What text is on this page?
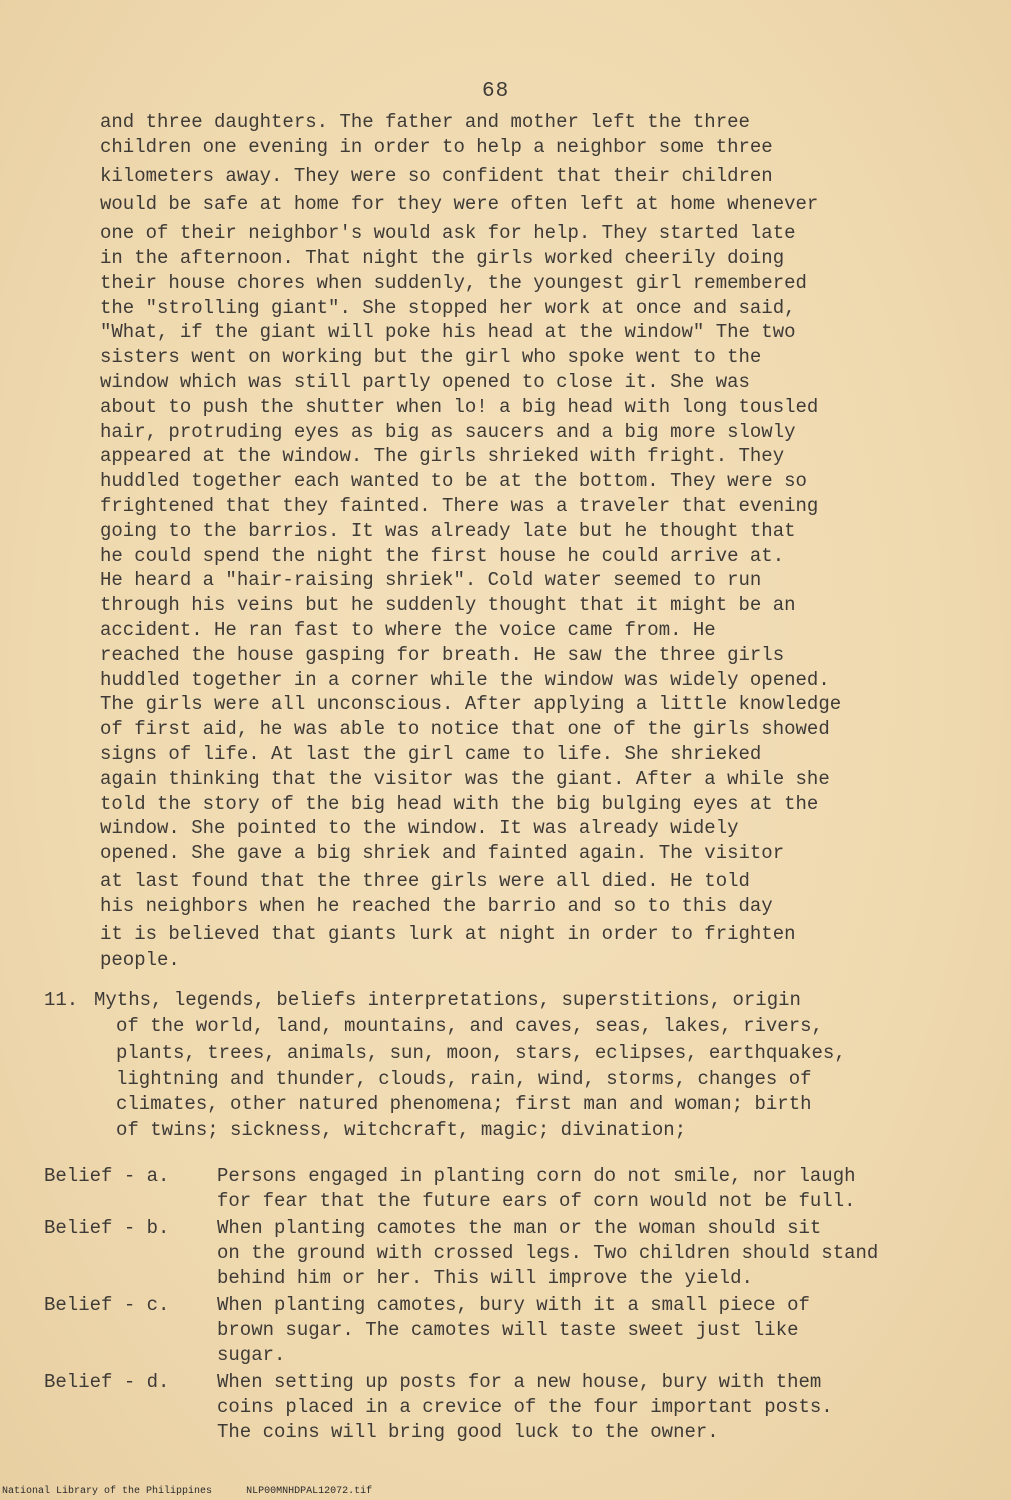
68
and three daughters. The father and mother left the three
children one evening in order to help a neighbor some three
kilometers away. They were so confident that their children
would be safe at home for they were often left at home whenever
one of their neighbor's would ask for help. They started late
in the afternoon. That night the girls worked cheerily doing
their house chores when suddenly, the youngest girl remembered
the "strolling giant". She stopped her work at once and said,
"What, if the giant will poke his head at the window" The two
sisters went on working but the girl who spoke went to the
window which was still partly opened to close it. She was
about to push the shutter when lo! a big head with long tousled
hair, protruding eyes as big as saucers and a big more slowly
appeared at the window. The girls shrieked with fright. They
huddled together each wanted to be at the bottom. They were so
frightened that they fainted. There was a traveler that evening
going to the barrios. It was already late but he thought that
he could spend the night the first house he could arrive at.
He heard a "hair-raising shriek". Cold water seemed to run
through his veins but he suddenly thought that it might be an
accident. He ran fast to where the voice came from. He
reached the house gasping for breath. He saw the three girls
huddled together in a corner while the window was widely opened.
The girls were all unconscious. After applying a little knowledge
of first aid, he was able to notice that one of the girls showed
signs of life. At last the girl came to life. She shrieked
again thinking that the visitor was the giant. After a while she
told the story of the big head with the big bulging eyes at the
window. She pointed to the window. It was already widely
opened. She gave a big shriek and fainted again. The visitor
at last found that the three girls were all died. He told
his neighbors when he reached the barrio and so to this day
it is believed that giants lurk at night in order to frighten
people.
11. Myths, legends, beliefs interpretations, superstitions, origin
of the world, land, mountains, and caves, seas, lakes, rivers,
plants, trees, animals, sun, moon, stars, eclipses, earthquakes,
lightning and thunder, clouds, rain, wind, storms, changes of
climates, other natured phenomena; first man and woman; birth
of twins; sickness, witchcraft, magic; divination;
Belief - a.	Persons engaged in planting corn do not smile, nor laugh
for fear that the future ears of corn would not be full.
Belief - b.	When planting camotes the man or the woman should sit
on the ground with crossed legs. Two children should stand
behind him or her. This will improve the yield.
Belief - c.	When planting camotes, bury with it a small piece of
brown sugar. The camotes will taste sweet just like
sugar.
Belief - d.	When setting up posts for a new house, bury with them
coins placed in a crevice of the four important posts.
The coins will bring good luck to the owner.
National Library of the Philippines	NLP00MNHDPAL12072.tif
